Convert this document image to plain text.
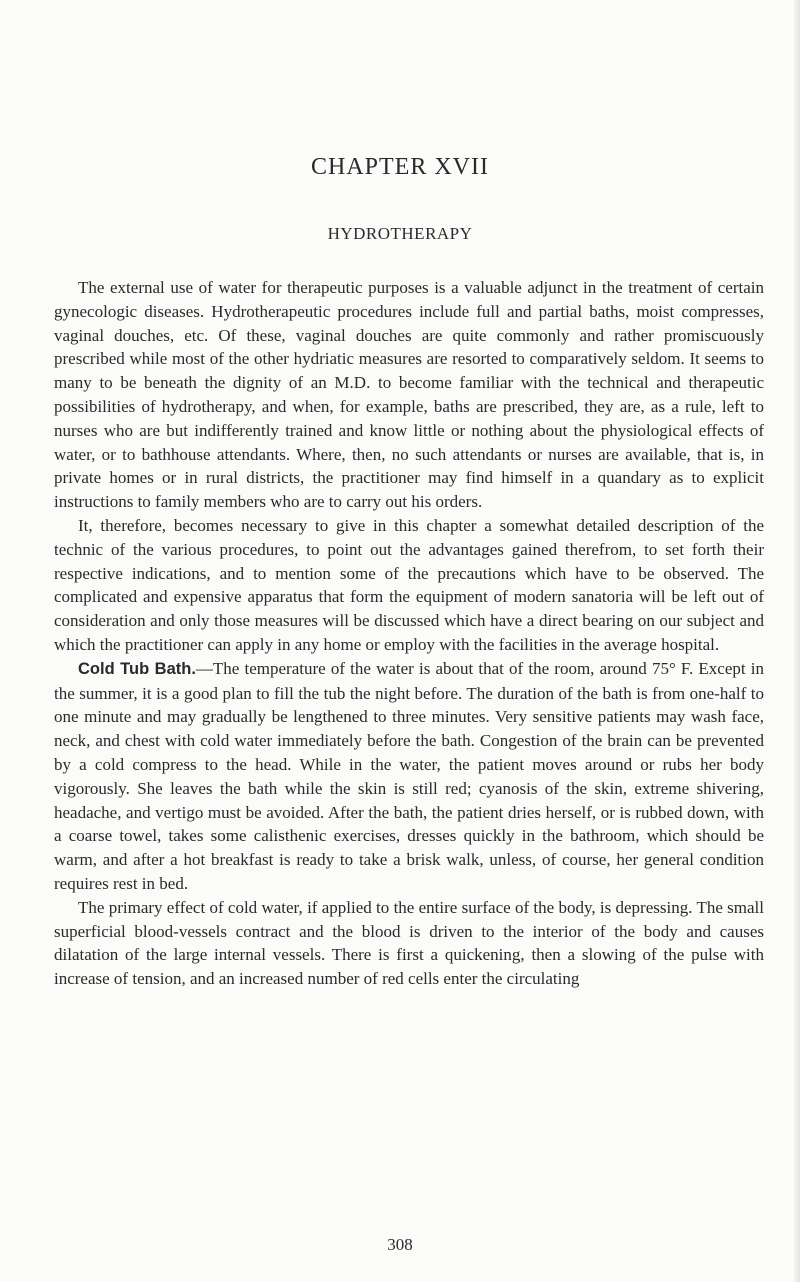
CHAPTER XVII
HYDROTHERAPY

The external use of water for therapeutic purposes is a valuable adjunct in the treatment of certain gynecologic diseases. Hydrotherapeutic procedures include full and partial baths, moist compresses, vaginal douches, etc. Of these, vaginal douches are quite commonly and rather promiscuously prescribed while most of the other hydriatic measures are resorted to comparatively seldom. It seems to many to be beneath the dignity of an M.D. to become familiar with the technical and therapeutic possibilities of hydrotherapy, and when, for example, baths are prescribed, they are, as a rule, left to nurses who are but indifferently trained and know little or nothing about the physiological effects of water, or to bathhouse attendants. Where, then, no such attendants or nurses are available, that is, in private homes or in rural districts, the practitioner may find himself in a quandary as to explicit instructions to family members who are to carry out his orders.

It, therefore, becomes necessary to give in this chapter a somewhat detailed description of the technic of the various procedures, to point out the advantages gained therefrom, to set forth their respective indications, and to mention some of the precautions which have to be observed. The complicated and expensive apparatus that form the equipment of modern sanatoria will be left out of consideration and only those measures will be discussed which have a direct bearing on our subject and which the practitioner can apply in any home or employ with the facilities in the average hospital.

Cold Tub Bath.—The temperature of the water is about that of the room, around 75° F. Except in the summer, it is a good plan to fill the tub the night before. The duration of the bath is from one-half to one minute and may gradually be lengthened to three minutes. Very sensitive patients may wash face, neck, and chest with cold water immediately before the bath. Congestion of the brain can be prevented by a cold compress to the head. While in the water, the patient moves around or rubs her body vigorously. She leaves the bath while the skin is still red; cyanosis of the skin, extreme shivering, headache, and vertigo must be avoided. After the bath, the patient dries herself, or is rubbed down, with a coarse towel, takes some calisthenic exercises, dresses quickly in the bathroom, which should be warm, and after a hot breakfast is ready to take a brisk walk, unless, of course, her general condition requires rest in bed.

The primary effect of cold water, if applied to the entire surface of the body, is depressing. The small superficial blood-vessels contract and the blood is driven to the interior of the body and causes dilatation of the large internal vessels. There is first a quickening, then a slowing of the pulse with increase of tension, and an increased number of red cells enter the circulating

308
